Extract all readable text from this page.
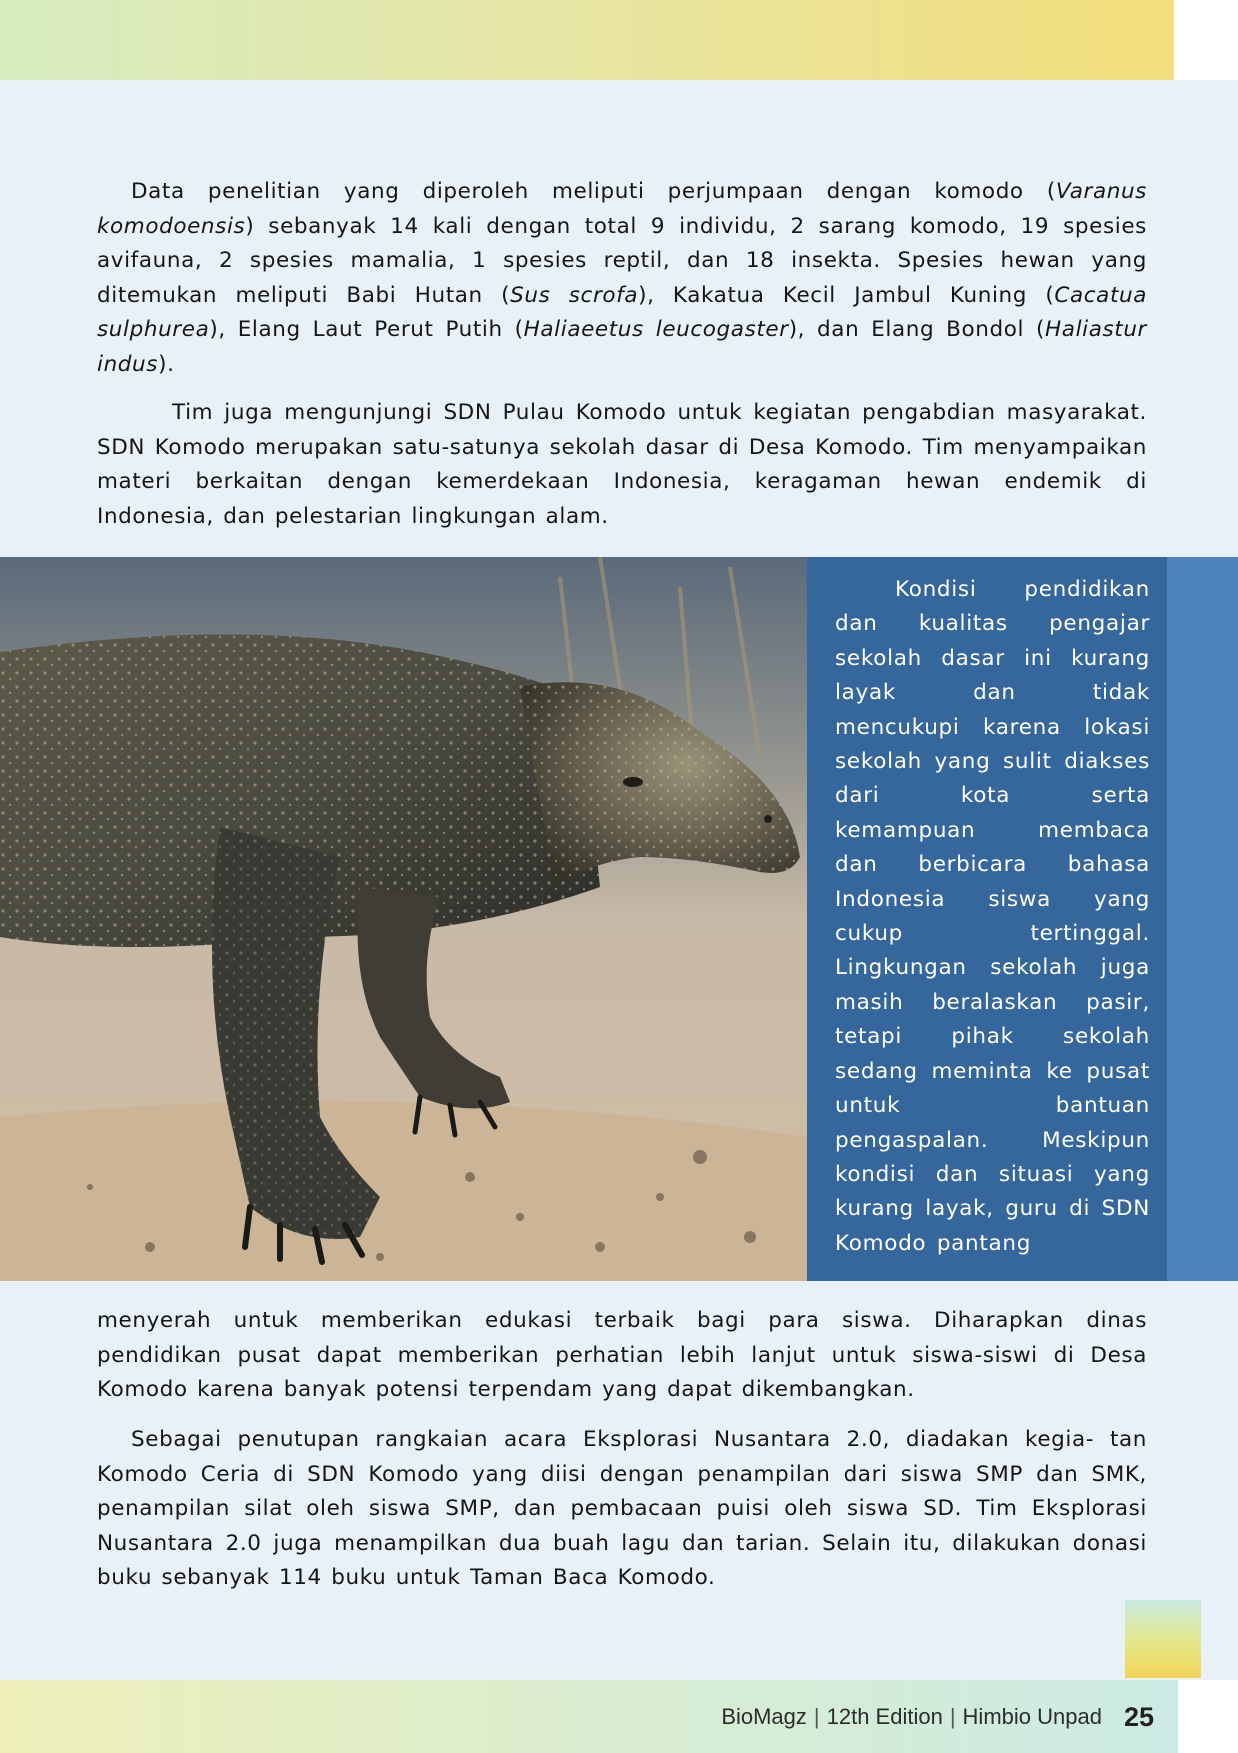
Data penelitian yang diperoleh meliputi perjumpaan dengan komodo (Varanus komodoensis) sebanyak 14 kali dengan total 9 individu, 2 sarang komodo, 19 spesies avifauna, 2 spesies mamalia, 1 spesies reptil, dan 18 insekta. Spesies hewan yang ditemukan meliputi Babi Hutan (Sus scrofa), Kakatua Kecil Jambul Kuning (Cacatua sulphurea), Elang Laut Perut Putih (Haliaeetus leucogaster), dan Elang Bondol (Haliastur indus).

Tim juga mengunjungi SDN Pulau Komodo untuk kegiatan pengabdian masyarakat. SDN Komodo merupakan satu-satunya sekolah dasar di Desa Komodo. Tim menyampaikan materi berkaitan dengan kemerdekaan Indonesia, keragaman hewan endemik di Indonesia, dan pelestarian lingkungan alam.

Kondisi pendidikan dan kualitas pengajar sekolah dasar ini kurang layak dan tidak mencukupi karena lokasi sekolah yang sulit diakses dari kota serta kemampuan membaca dan berbicara bahasa Indonesia siswa yang cukup tertinggal. Lingkungan sekolah juga masih beralaskan pasir, tetapi pihak sekolah sedang meminta ke pusat untuk bantuan pengaspalan. Meskipun kondisi dan situasi yang kurang layak, guru di SDN Komodo pantang

menyerah untuk memberikan edukasi terbaik bagi para siswa. Diharapkan dinas pendidikan pusat dapat memberikan perhatian lebih lanjut untuk siswa-siswi di Desa Komodo karena banyak potensi terpendam yang dapat dikembangkan.

Sebagai penutupan rangkaian acara Eksplorasi Nusantara 2.0, diadakan kegia- tan Komodo Ceria di SDN Komodo yang diisi dengan penampilan dari siswa SMP dan SMK, penampilan silat oleh siswa SMP, dan pembacaan puisi oleh siswa SD. Tim Eksplorasi Nusantara 2.0 juga menampilkan dua buah lagu dan tarian. Selain itu, dilakukan donasi buku sebanyak 114 buku untuk Taman Baca Komodo.

BioMagz | 12th Edition | Himbio Unpad 25
